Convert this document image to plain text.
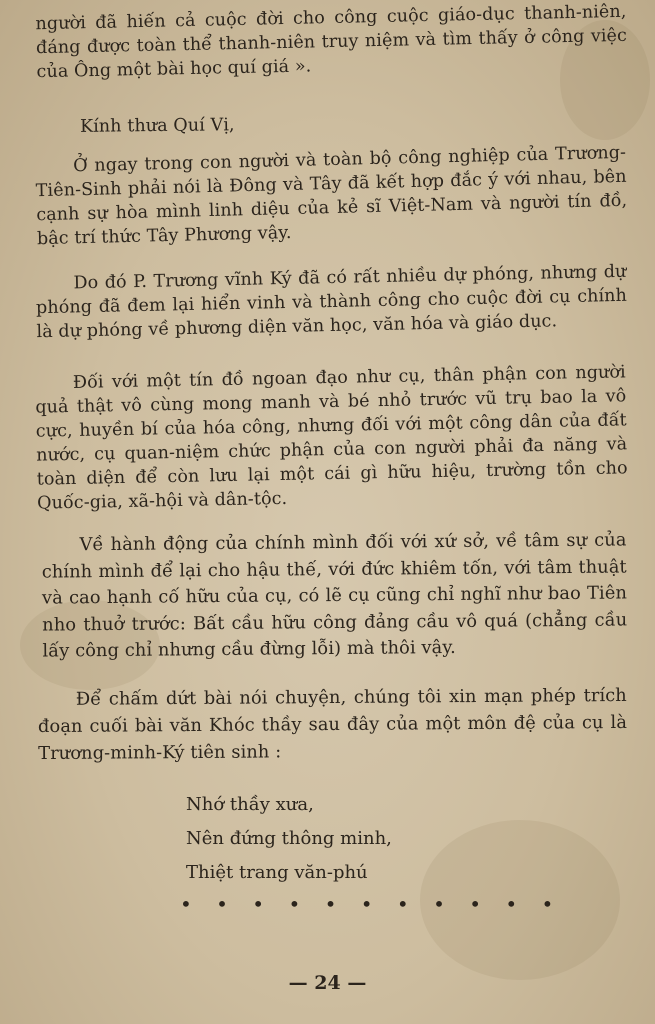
người đã hiến cả cuộc đời cho công cuộc giáo-dục thanh-niên, đáng được toàn thể thanh-niên truy niệm và tìm thấy ở công việc của Ông một bài học quí giá ».

Kính thưa Quí Vị,

Ở ngay trong con người và toàn bộ công nghiệp của Trương-Tiên-Sinh phải nói là Đông và Tây đã kết hợp đắc ý với nhau, bên cạnh sự hòa mình linh diệu của kẻ sĩ Việt-Nam và người tín đồ, bậc trí thức Tây Phương vậy.

Do đó P. Trương vĩnh Ký đã có rất nhiều dự phóng, nhưng dự phóng đã đem lại hiển vinh và thành công cho cuộc đời cụ chính là dự phóng về phương diện văn học, văn hóa và giáo dục.

Đối với một tín đồ ngoan đạo như cụ, thân phận con người quả thật vô cùng mong manh và bé nhỏ trước vũ trụ bao la vô cực, huyền bí của hóa công, nhưng đối với một công dân của đất nước, cụ quan-niệm chức phận của con người phải đa năng và toàn diện để còn lưu lại một cái gì hữu hiệu, trường tồn cho Quốc-gia, xã-hội và dân-tộc.

Về hành động của chính mình đối với xứ sở, về tâm sự của chính mình để lại cho hậu thế, với đức khiêm tốn, với tâm thuật và cao hạnh cố hữu của cụ, có lẽ cụ cũng chỉ nghĩ như bao Tiên nho thuở trước: Bất cầu hữu công đảng cầu vô quá (chẳng cầu lấy công chỉ nhưng cầu đừng lỗi) mà thôi vậy.

Để chấm dứt bài nói chuyện, chúng tôi xin mạn phép trích đoạn cuối bài văn Khóc thầy sau đây của một môn đệ của cụ là Trương-minh-Ký tiên sinh :

Nhớ thầy xưa,

Nên đứng thông minh,

Thiệt trang văn-phú

• • • • • • • • • • •
— 24 —
